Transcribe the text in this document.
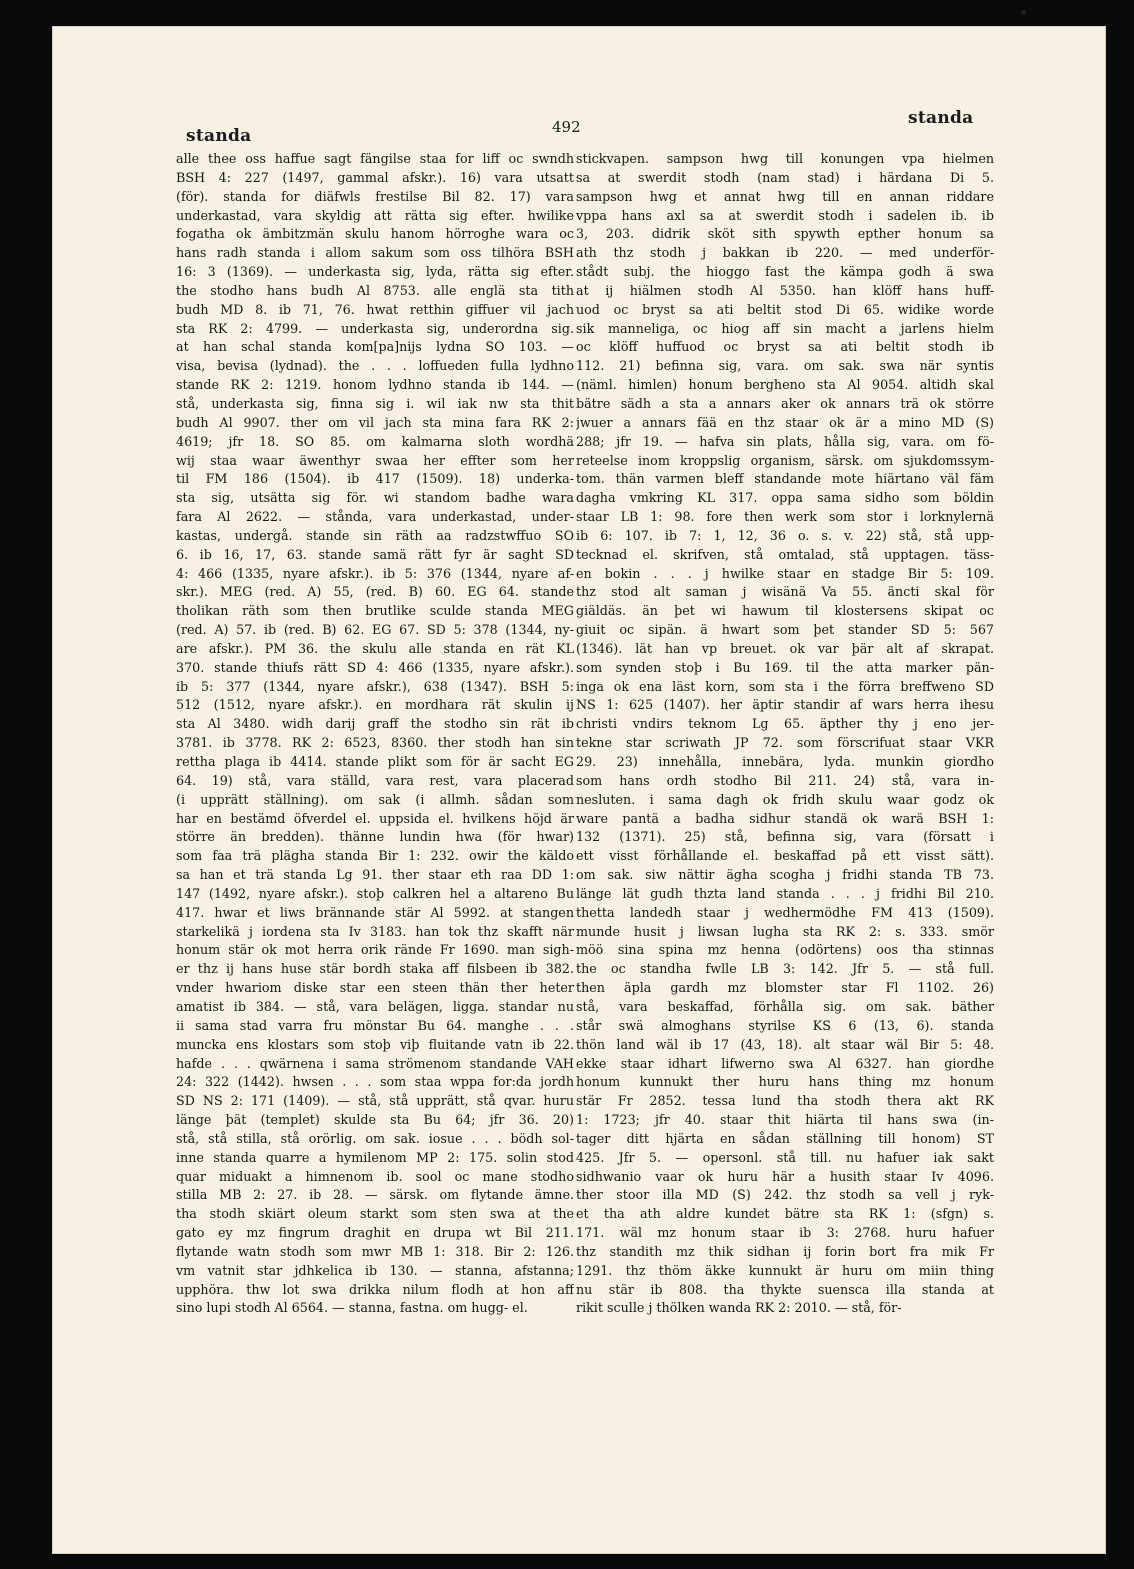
standa	492	standa
alle thee oss haffue sagt fängilse staa for liff oc swndh
BSH 4: 227 (1497, gammal afskr.). 16) vara utsatt
(för). standa for diäfwls frestilse Bil 82. 17) vara
underkastad, vara skyldig att rätta sig efter. hwilike
fogatha ok ämbitzmän skulu hanom hörroghe wara oc
hans radh standa i allom sakum som oss tilhöra BSH
16: 3 (1369). — underkasta sig, lyda, rätta sig efter.
the stodho hans budh Al 8753. alle englä sta tith
budh MD 8. ib 71, 76. hwat retthin giffuer vil jach
sta RK 2: 4799. — underkasta sig, underordna sig.
at han schal standa kom[pa]nijs lydna SO 103. —
visa, bevisa (lydnad). the . . . loffueden fulla lydhno
stande RK 2: 1219. honom lydhno standa ib 144. —
stå, underkasta sig, finna sig i. wil iak nw sta thit
budh Al 9907. ther om vil jach sta mina fara RK 2:
4619; jfr 18. SO 85. om kalmarna sloth wordhä
wij staa waar äwenthyr swaa her effter som her
til FM 186 (1504). ib 417 (1509). 18) underka-
sta sig, utsätta sig för. wi standom badhe wara
fara Al 2622. — stånda, vara underkastad, under-
kastas, undergå. stande sin räth aa radzstwffuo SO
6. ib 16, 17, 63. stande samä rätt fyr är saght SD
4: 466 (1335, nyare afskr.). ib 5: 376 (1344, nyare af-
skr.). MEG (red. A) 55, (red. B) 60. EG 64. stande
tholikan räth som then brutlike sculde standa MEG
(red. A) 57. ib (red. B) 62. EG 67. SD 5: 378 (1344, ny-
are afskr.). PM 36. the skulu alle standa en rät KL
370. stande thiufs rätt SD 4: 466 (1335, nyare afskr.).
ib 5: 377 (1344, nyare afskr.), 638 (1347). BSH 5:
512 (1512, nyare afskr.). en mordhara rät skulin ij
sta Al 3480. widh darij graff the stodho sin rät ib
3781. ib 3778. RK 2: 6523, 8360. ther stodh han sin
rettha plaga ib 4414. stande plikt som för är sacht EG
64. 19) stå, vara ställd, vara rest, vara placerad
(i upprätt ställning). om sak (i allmh. sådan som
har en bestämd öfverdel el. uppsida el. hvilkens höjd är
större än bredden). thänne lundin hwa (för hwar)
som faa trä plägha standa Bir 1: 232. owir the käldo
sa han et trä standa Lg 91. ther staar eth raa DD 1:
147 (1492, nyare afskr.). stoþ calkren hel a altareno Bu
417. hwar et liws brännande stär Al 5992. at stangen
starkelikä j iordena sta Iv 3183. han tok thz skafft när
honum stär ok mot herra orik rände Fr 1690. man sigh-
er thz ij hans huse stär bordh staka aff filsbeen ib 382.
vnder hwariom diske star een steen thän ther heter
amatist ib 384. — stå, vara belägen, ligga. standar nu
ii sama stad varra fru mönstar Bu 64. manghe . . .
muncka ens klostars som stoþ viþ fluitande vatn ib 22.
hafde . . . qwärnena i sama strömenom standande VAH
24: 322 (1442). hwsen . . . som staa wppa for:da jordh
SD NS 2: 171 (1409). — stå, stå upprätt, stå qvar. huru
länge þät (templet) skulde sta Bu 64; jfr 36. 20)
stå, stå stilla, stå orörlig. om sak. iosue . . . bödh sol-
inne standa quarre a hymilenom MP 2: 175. solin stod
quar miduakt a himnenom ib. sool oc mane stodho
stilla MB 2: 27. ib 28. — särsk. om flytande ämne.
tha stodh skiärt oleum starkt som sten swa at the
gato ey mz fingrum draghit en drupa wt Bil 211.
flytande watn stodh som mwr MB 1: 318. Bir 2: 126.
vm vatnit star jdhkelica ib 130. — stanna, afstanna;
upphöra. thw lot swa drikka nilum flodh at hon aff
sino lupi stodh Al 6564. — stanna, fastna. om hugg- el.
stickvapen. sampson hwg till konungen vpa hielmen
sa at swerdit stodh (nam stad) i härdana Di 5.
sampson hwg et annat hwg till en annan riddare
vppa hans axl sa at swerdit stodh i sadelen ib. ib
3, 203. didrik sköt sith spywth epther honum sa
ath thz stodh j bakkan ib 220. — med underför-
stådt subj. the hioggo fast the kämpa godh ä swa
at ij hiälmen stodh Al 5350. han klöff hans huff-
uod oc bryst sa ati beltit stod Di 65. widike worde
sik manneliga, oc hiog aff sin macht a jarlens hielm
oc klöff huffuod oc bryst sa ati beltit stodh ib
112. 21) befinna sig, vara. om sak. swa när syntis
(näml. himlen) honum bergheno sta Al 9054. altidh skal
bätre sädh a sta a annars aker ok annars trä ok större
jwuer a annars fää en thz staar ok är a mino MD (S)
288; jfr 19. — hafva sin plats, hålla sig, vara. om fö-
reteelse inom kroppslig organism, särsk. om sjukdomssym-
tom. thän varmen bleff standande mote hiärtano väl fäm
dagha vmkring KL 317. oppa sama sidho som böldin
staar LB 1: 98. fore then werk som stor i lorknylernä
ib 6: 107. ib 7: 1, 12, 36 o. s. v. 22) stå, stå upp-
tecknad el. skrifven, stå omtalad, stå upptagen. täss-
en bokin . . . j hwilke staar en stadge Bir 5: 109.
thz stod alt saman j wisänä Va 55. änсti skal för
giäldäs. än þet wi hawum til klostersens skipat oc
giuit oc sipän. ä hwart som þet stander SD 5: 567
(1346). lät han vp breuet. ok var þär alt af skrapat.
som synden stoþ i Bu 169. til the atta marker pän-
inga ok ena läst korn, som sta i the förra breffweno SD
NS 1: 625 (1407). her äptir standir af wars herra ihesu
christi vndirs teknom Lg 65. äpther thy j eno jer-
tekne star scriwath JP 72. som förscrifuat staar VKR
29. 23) innehålla, innebära, lyda. munkin giordho
som hans ordh stodho Bil 211. 24) stå, vara in-
nesluten. i sama dagh ok fridh skulu waar godz ok
ware pantä a badha sidhur standä ok warä BSH 1:
132 (1371). 25) stå, befinna sig, vara (försatt i
ett visst förhållande el. beskaffad på ett visst sätt).
om sak. siw nättir ägha scogha j fridhi standa TB 73.
länge lät gudh thzta land standa . . . j fridhi Bil 210.
thetta landedh staar j wedhermödhe FM 413 (1509).
munde husit j liwsan lugha sta RK 2: s. 333. smör
möö sina spina mz henna (odörtens) oos tha stinnas
the oc standha fwlle LB 3: 142. Jfr 5. — stå full.
then äpla gardh mz blomster star Fl 1102. 26)
stå, vara beskaffad, förhålla sig. om sak. bäther
står swä almoghans styrilse KS 6 (13, 6). standa
thön land wäl ib 17 (43, 18). alt staar wäl Bir 5: 48.
ekke staar idhart lifwerno swa Al 6327. han giordhe
honum kunnukt ther huru hans thing mz honum
stär Fr 2852. tessa lund tha stodh thera akt RK
1: 1723; jfr 40. staar thit hiärta til hans swa (in-
tager ditt hjärta en sådan ställning till honom) ST
425. Jfr 5. — opersonl. stå till. nu hafuer iak sakt
sidhwanio vaar ok huru här a husith staar Iv 4096.
ther stoor illa MD (S) 242. thz stodh sa vell j ryk-
et tha ath aldre kundet bätre sta RK 1: (sfgn) s.
171. wäl mz honum staar ib 3: 2768. huru hafuer
thz standith mz thik sidhan ij forin bort fra mik Fr
1291. thz thöm äkke kunnukt är huru om miin thing
nu stär ib 808. tha thykte suensca illa standa at
rikit sculle j thölken wanda RK 2: 2010. — stå, för-
